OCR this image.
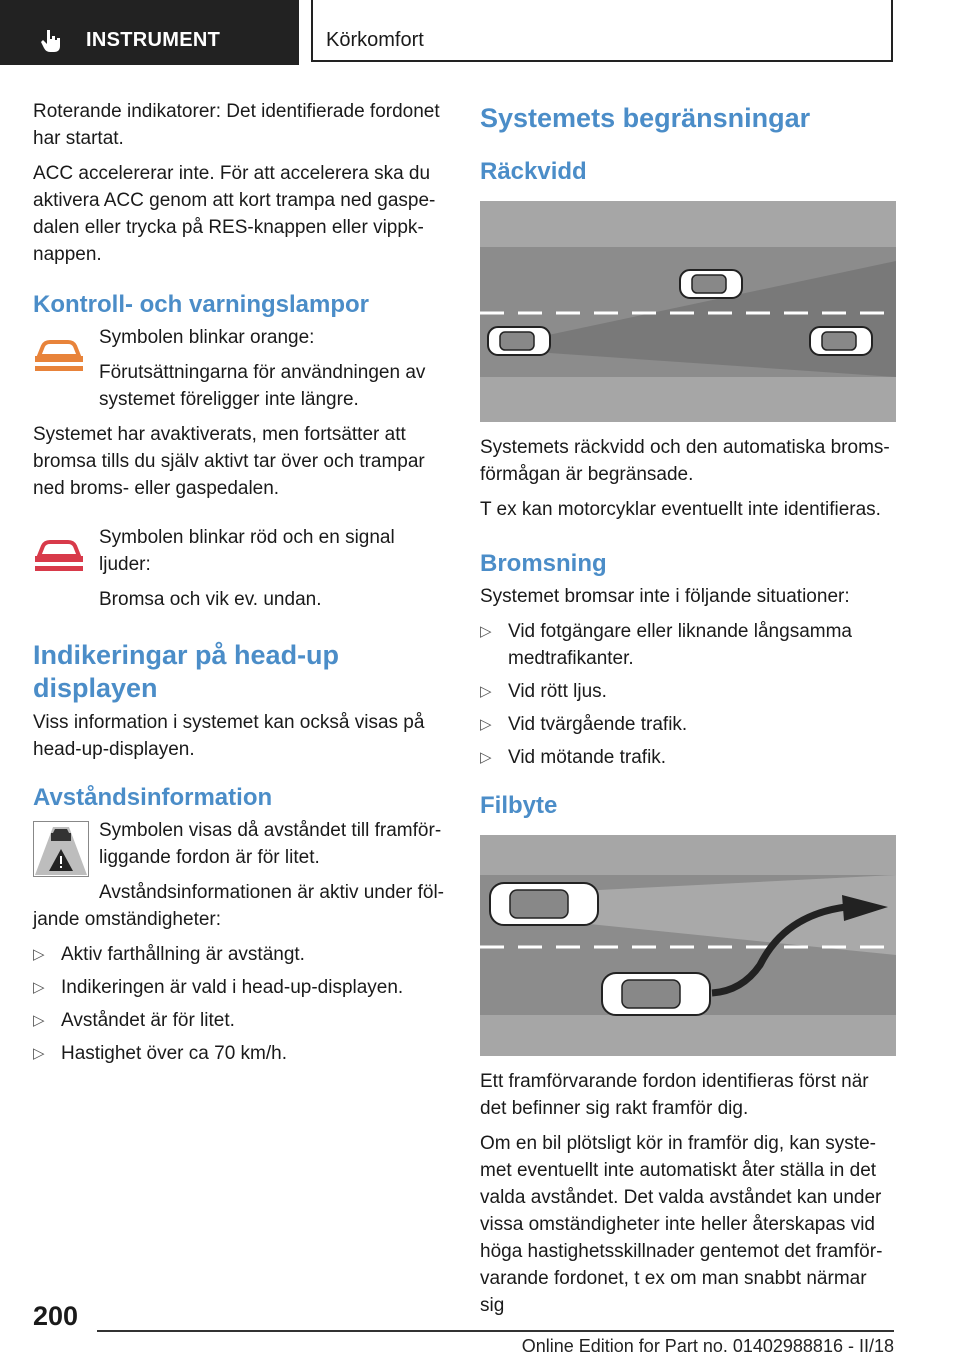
INSTRUMENT	Körkomfort

Roterande indikatorer: Det identifierade fordonet har startat.

ACC accelererar inte. För att accelerera ska du aktivera ACC genom att kort trampa ned gaspedalen eller trycka på RES-knappen eller vippknappen.

Kontroll- och varningslampor

Symbolen blinkar orange:

Förutsättningarna för användningen av systemet föreligger inte längre.

Systemet har avaktiverats, men fortsätter att bromsa tills du själv aktivt tar över och trampar ned broms- eller gaspedalen.

Symbolen blinkar röd och en signal ljuder:

Bromsa och vik ev. undan.

Indikeringar på head-up displayen

Viss information i systemet kan också visas på head-up-displayen.

Avståndsinformation

Symbolen visas då avståndet till framförliggande fordon är för litet.

Avståndsinformationen är aktiv under följande omständigheter:

▷ Aktiv farthållning är avstängt.
▷ Indikeringen är vald i head-up-displayen.
▷ Avståndet är för litet.
▷ Hastighet över ca 70 km/h.
Systemets begränsningar
Räckvidd

Systemets räckvidd och den automatiska bromsförmågan är begränsade.

T ex kan motorcyklar eventuellt inte identifieras.

Bromsning

Systemet bromsar inte i följande situationer:

▷ Vid fotgängare eller liknande långsamma medtrafikanter.
▷ Vid rött ljus.
▷ Vid tvärgående trafik.
▷ Vid mötande trafik.
Filbyte

Ett framförvarande fordon identifieras först när det befinner sig rakt framför dig.

Om en bil plötsligt kör in framför dig, kan systemet eventuellt inte automatiskt åter ställa in det valda avståndet. Det valda avståndet kan under vissa omständigheter inte heller återskapas vid höga hastighetsskillnader gentemot det framförvarande fordonet, t ex om man snabbt närmar sig

200
Online Edition for Part no. 01402988816 - II/18
